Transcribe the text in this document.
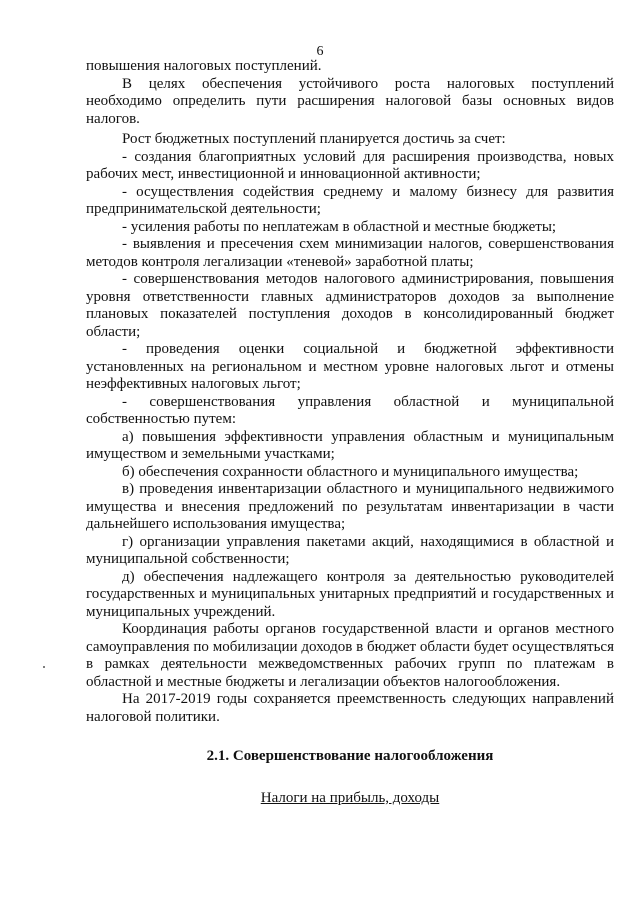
6

повышения налоговых поступлений.

В целях обеспечения устойчивого роста налоговых поступлений необходимо определить пути расширения налоговой базы основных видов налогов.

Рост бюджетных поступлений планируется достичь за счет:

- создания благоприятных условий для расширения производства, новых рабочих мест, инвестиционной и инновационной активности;

- осуществления содействия среднему и малому бизнесу для развития предпринимательской деятельности;

- усиления работы по неплатежам в областной и местные бюджеты;

- выявления и пресечения схем минимизации налогов, совершенствования методов контроля легализации «теневой» заработной платы;

- совершенствования методов налогового администрирования, повышения уровня ответственности главных администраторов доходов за выполнение плановых показателей поступления доходов в консолидированный бюджет области;

- проведения оценки социальной и бюджетной эффективности установленных на региональном и местном уровне налоговых льгот и отмены неэффективных налоговых льгот;

- совершенствования управления областной и муниципальной собственностью путем:

а) повышения эффективности управления областным и муниципальным имуществом и земельными участками;

б) обеспечения сохранности областного и муниципального имущества;

в) проведения инвентаризации областного и муниципального недвижимого имущества и внесения предложений по результатам инвентаризации в части дальнейшего использования имущества;

г) организации управления пакетами акций, находящимися в областной и муниципальной собственности;

д) обеспечения надлежащего контроля за деятельностью руководителей государственных и муниципальных унитарных предприятий и государственных и муниципальных учреждений.

Координация работы органов государственной власти и органов местного самоуправления по мобилизации доходов в бюджет области будет осуществляться в рамках деятельности межведомственных рабочих групп по платежам в областной и местные бюджеты и легализации объектов налогообложения.

На 2017-2019 годы сохраняется преемственность следующих направлений налоговой политики.

2.1. Совершенствование налогообложения
Налоги на прибыль, доходы
